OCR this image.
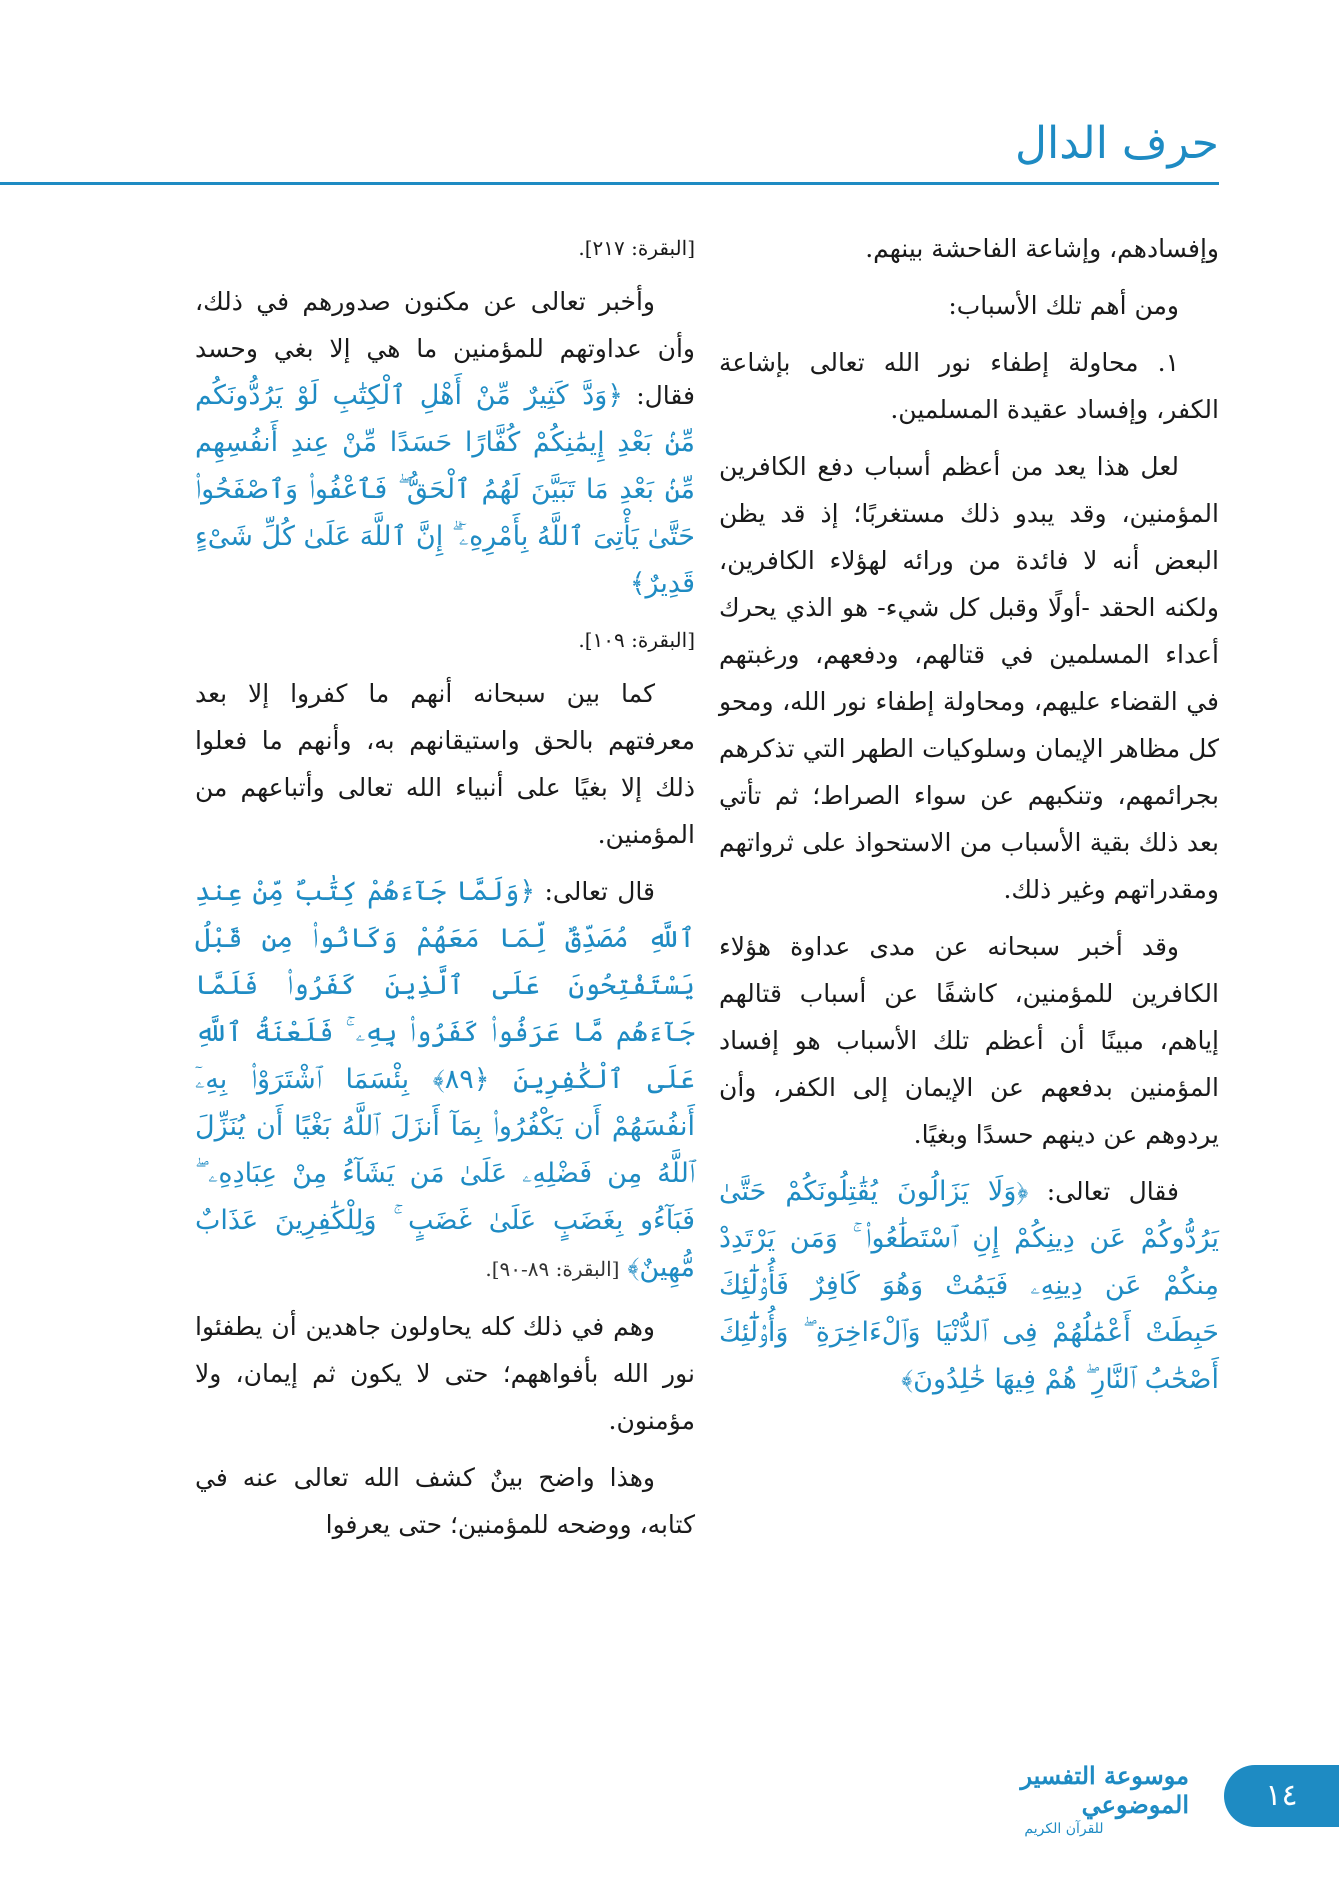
حرف الدال

وإفسادهم، وإشاعة الفاحشة بينهم.

ومن أهم تلك الأسباب:

١. محاولة إطفاء نور الله تعالى بإشاعة الكفر، وإفساد عقيدة المسلمين.

لعل هذا يعد من أعظم أسباب دفع الكافرين المؤمنين، وقد يبدو ذلك مستغربًا؛ إذ قد يظن البعض أنه لا فائدة من ورائه لهؤلاء الكافرين، ولكنه الحقد -أولًا وقبل كل شيء- هو الذي يحرك أعداء المسلمين في قتالهم، ودفعهم، ورغبتهم في القضاء عليهم، ومحاولة إطفاء نور الله، ومحو كل مظاهر الإيمان وسلوكيات الطهر التي تذكرهم بجرائمهم، وتنكبهم عن سواء الصراط؛ ثم تأتي بعد ذلك بقية الأسباب من الاستحواذ على ثرواتهم ومقدراتهم وغير ذلك.

وقد أخبر سبحانه عن مدى عداوة هؤلاء الكافرين للمؤمنين، كاشفًا عن أسباب قتالهم إياهم، مبينًا أن أعظم تلك الأسباب هو إفساد المؤمنين بدفعهم عن الإيمان إلى الكفر، وأن يردوهم عن دينهم حسدًا وبغيًا.

فقال تعالى: ﴿وَلَا يَزَالُونَ يُقَٰتِلُونَكُمْ حَتَّىٰ يَرُدُّوكُمْ عَن دِينِكُمْ إِنِ ٱسْتَطَٰعُوا۟ ۚ وَمَن يَرْتَدِدْ مِنكُمْ عَن دِينِهِۦ فَيَمُتْ وَهُوَ كَافِرٌ فَأُو۟لَٰٓئِكَ حَبِطَتْ أَعْمَٰلُهُمْ فِى ٱلدُّنْيَا وَٱلْءَاخِرَةِ ۖ وَأُو۟لَٰٓئِكَ أَصْحَٰبُ ٱلنَّارِ ۖ هُمْ فِيهَا خَٰلِدُونَ﴾

[البقرة: ٢١٧].

وأخبر تعالى عن مكنون صدورهم في ذلك، وأن عداوتهم للمؤمنين ما هي إلا بغي وحسد فقال: ﴿وَدَّ كَثِيرٌ مِّنْ أَهْلِ ٱلْكِتَٰبِ لَوْ يَرُدُّونَكُم مِّنۢ بَعْدِ إِيمَٰنِكُمْ كُفَّارًا حَسَدًا مِّنْ عِندِ أَنفُسِهِم مِّنۢ بَعْدِ مَا تَبَيَّنَ لَهُمُ ٱلْحَقُّ ۖ فَٱعْفُوا۟ وَٱصْفَحُوا۟ حَتَّىٰ يَأْتِىَ ٱللَّهُ بِأَمْرِهِۦٓ ۗ إِنَّ ٱللَّهَ عَلَىٰ كُلِّ شَىْءٍ قَدِيرٌ﴾

[البقرة: ١٠٩].

كما بين سبحانه أنهم ما كفروا إلا بعد معرفتهم بالحق واستيقانهم به، وأنهم ما فعلوا ذلك إلا بغيًا على أنبياء الله تعالى وأتباعهم من المؤمنين.

قال تعالى: ﴿وَلَمَّا جَآءَهُمْ كِتَٰبٌ مِّنْ عِندِ ٱللَّهِ مُصَدِّقٌ لِّمَا مَعَهُمْ وَكَانُوا۟ مِن قَبْلُ يَسْتَفْتِحُونَ عَلَى ٱلَّذِينَ كَفَرُوا۟ فَلَمَّا جَآءَهُم مَّا عَرَفُوا۟ كَفَرُوا۟ بِهِۦ ۚ فَلَعْنَةُ ٱللَّهِ عَلَى ٱلْكَٰفِرِينَ ﴿٨٩﴾ بِئْسَمَا ٱشْتَرَوْا۟ بِهِۦٓ أَنفُسَهُمْ أَن يَكْفُرُوا۟ بِمَآ أَنزَلَ ٱللَّهُ بَغْيًا أَن يُنَزِّلَ ٱللَّهُ مِن فَضْلِهِۦ عَلَىٰ مَن يَشَآءُ مِنْ عِبَادِهِۦ ۖ فَبَآءُو بِغَضَبٍ عَلَىٰ غَضَبٍ ۚ وَلِلْكَٰفِرِينَ عَذَابٌ مُّهِينٌ﴾ [البقرة: ٨٩-٩٠].

وهم في ذلك كله يحاولون جاهدين أن يطفئوا نور الله بأفواههم؛ حتى لا يكون ثم إيمان، ولا مؤمنون.

وهذا واضح بينٌ كشف الله تعالى عنه في كتابه، ووضحه للمؤمنين؛ حتى يعرفوا

١٤
موسوعة التفسير الموضوعي
للقرآن الكريم
